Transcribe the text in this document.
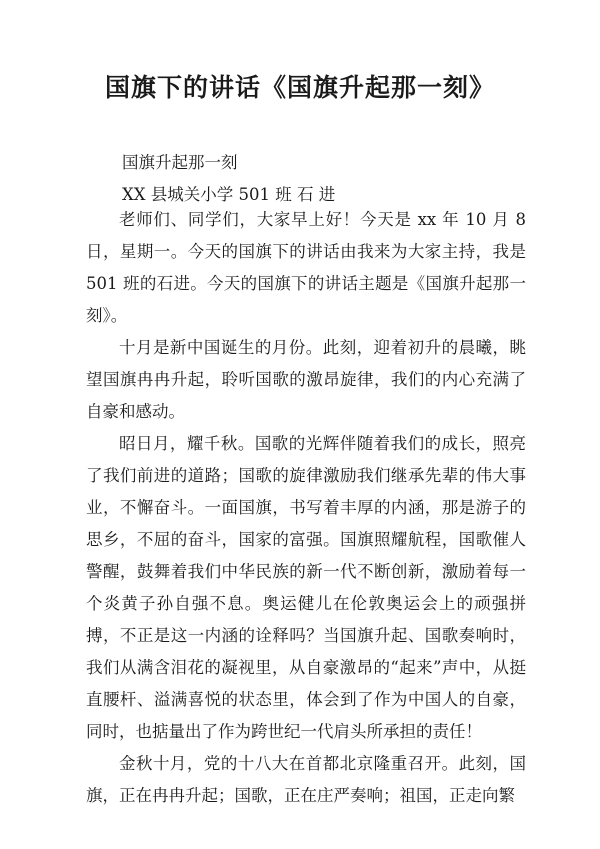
国旗下的讲话《国旗升起那一刻》
国旗升起那一刻
XX 县城关小学 501 班 石 进

老师们、同学们，大家早上好！今天是 xx 年 10 月 8 日，星期一。今天的国旗下的讲话由我来为大家主持，我是 501 班的石进。今天的国旗下的讲话主题是《国旗升起那一刻》。

十月是新中国诞生的月份。此刻，迎着初升的晨曦，眺望国旗冉冉升起，聆听国歌的激昂旋律，我们的内心充满了自豪和感动。

昭日月，耀千秋。国歌的光辉伴随着我们的成长，照亮了我们前进的道路；国歌的旋律激励我们继承先辈的伟大事业，不懈奋斗。一面国旗，书写着丰厚的内涵，那是游子的思乡，不屈的奋斗，国家的富强。国旗照耀航程，国歌催人警醒，鼓舞着我们中华民族的新一代不断创新，激励着每一个炎黄子孙自强不息。奥运健儿在伦敦奥运会上的顽强拼搏，不正是这一内涵的诠释吗？当国旗升起、国歌奏响时，我们从满含泪花的凝视里，从自豪激昂的“起来”声中，从挺直腰杆、溢满喜悦的状态里，体会到了作为中国人的自豪，同时，也掂量出了作为跨世纪一代肩头所承担的责任！

金秋十月，党的十八大在首都北京隆重召开。此刻，国旗，正在冉冉升起；国歌，正在庄严奏响；祖国，正走向繁
